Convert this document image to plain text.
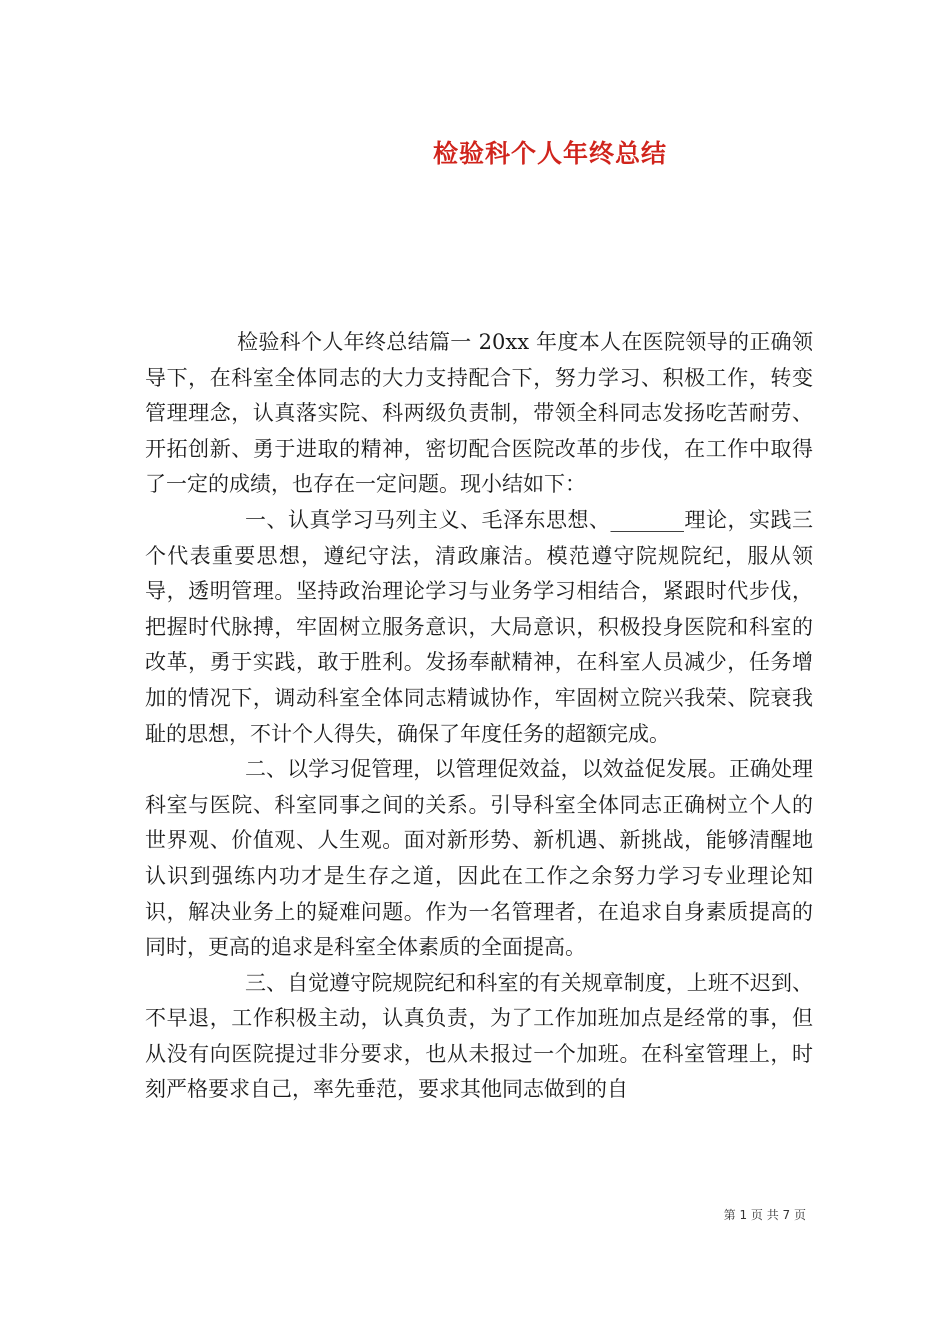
检验科个人年终总结

检验科个人年终总结篇一 20xx 年度本人在医院领导的正确领导下，在科室全体同志的大力支持配合下，努力学习、积极工作，转变管理理念，认真落实院、科两级负责制，带领全科同志发扬吃苦耐劳、开拓创新、勇于进取的精神，密切配合医院改革的步伐，在工作中取得了一定的成绩，也存在一定问题。现小结如下：

一、认真学习马列主义、毛泽东思想、_______理论，实践三个代表重要思想，遵纪守法，清政廉洁。模范遵守院规院纪，服从领导，透明管理。坚持政治理论学习与业务学习相结合，紧跟时代步伐，把握时代脉搏，牢固树立服务意识，大局意识，积极投身医院和科室的改革，勇于实践，敢于胜利。发扬奉献精神，在科室人员减少，任务增加的情况下，调动科室全体同志精诚协作，牢固树立院兴我荣、院衰我耻的思想，不计个人得失，确保了年度任务的超额完成。

二、以学习促管理，以管理促效益，以效益促发展。正确处理科室与医院、科室同事之间的关系。引导科室全体同志正确树立个人的世界观、价值观、人生观。面对新形势、新机遇、新挑战，能够清醒地认识到强练内功才是生存之道，因此在工作之余努力学习专业理论知识，解决业务上的疑难问题。作为一名管理者，在追求自身素质提高的同时，更高的追求是科室全体素质的全面提高。

三、自觉遵守院规院纪和科室的有关规章制度，上班不迟到、不早退，工作积极主动，认真负责，为了工作加班加点是经常的事，但从没有向医院提过非分要求，也从未报过一个加班。在科室管理上，时刻严格要求自己，率先垂范，要求其他同志做到的自

第 1 页 共 7 页
